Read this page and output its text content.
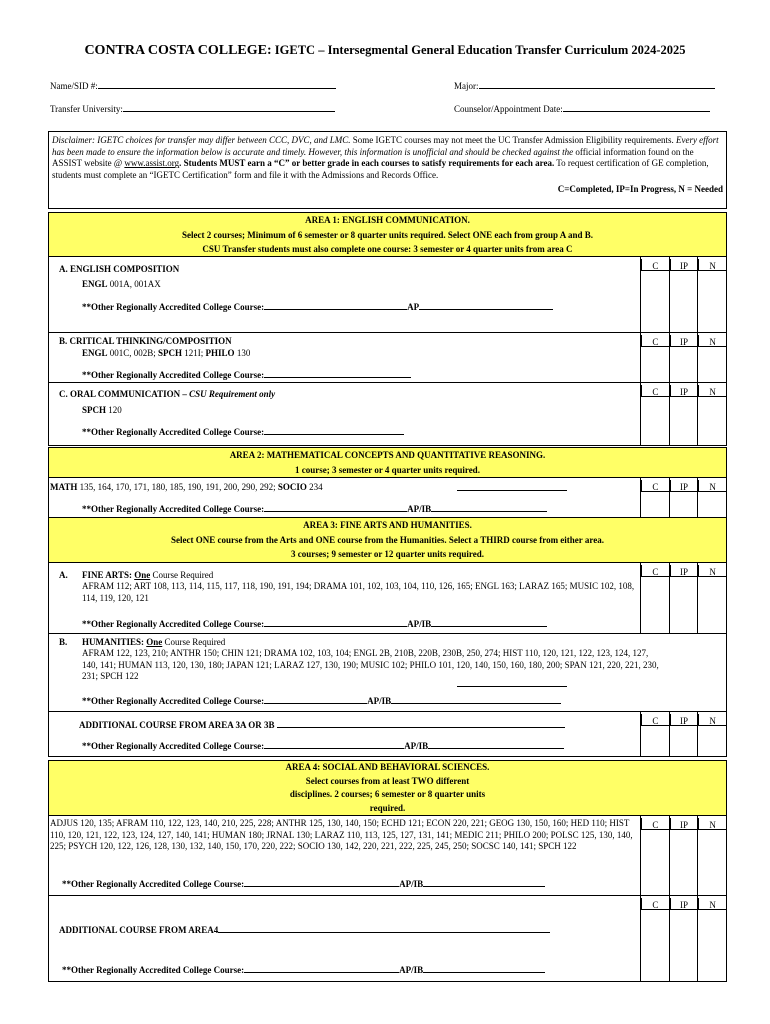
CONTRA COSTA COLLEGE: IGETC – Intersegmental General Education Transfer Curriculum 2024-2025
Name/SID #:	Major:
Transfer University:	Counselor/Appointment Date:
Disclaimer: IGETC choices for transfer may differ between CCC, DVC, and LMC. Some IGETC courses may not meet the UC Transfer Admission Eligibility requirements. Every effort has been made to ensure the information below is accurate and timely. However, this information is unofficial and should be checked against the official information found on the ASSIST website @ www.assist.org. Students MUST earn a “C” or better grade in each courses to satisfy requirements for each area. To request certification of GE completion, students must complete an “IGETC Certification” form and file it with the Admissions and Records Office.
C=Completed, IP=In Progress, N = Needed
AREA 1: ENGLISH COMMUNICATION.
Select 2 courses; Minimum of 6 semester or 8 quarter units required. Select ONE each from group A and B.
CSU Transfer students must also complete one course: 3 semester or 4 quarter units from area C
C	IP	N
A. ENGLISH COMPOSITION
ENGL 001A, 001AX
**Other Regionally Accredited College Course:	AP
C	IP	N
B. CRITICAL THINKING/COMPOSITION
ENGL 001C, 002B; SPCH 121I; PHILO 130
**Other Regionally Accredited College Course:
C	IP	N
C. ORAL COMMUNICATION – CSU Requirement only
SPCH 120
**Other Regionally Accredited College Course:
AREA 2: MATHEMATICAL CONCEPTS AND QUANTITATIVE REASONING.
1 course; 3 semester or 4 quarter units required.
C	IP	N
MATH 135, 164, 170, 171, 180, 185, 190, 191, 200, 290, 292; SOCIO 234
**Other Regionally Accredited College Course:	AP/IB
AREA 3: FINE ARTS AND HUMANITIES.
Select ONE course from the Arts and ONE course from the Humanities. Select a THIRD course from either area.
3 courses; 9 semester or 12 quarter units required.
C	IP	N
A. FINE ARTS: One Course Required
AFRAM 112; ART 108, 113, 114, 115, 117, 118, 190, 191, 194; DRAMA 101, 102, 103, 104, 110, 126, 165; ENGL 163; LARAZ 165; MUSIC 102, 108, 114, 119, 120, 121
**Other Regionally Accredited College Course:	AP/IB
B. HUMANITIES: One Course Required
AFRAM 122, 123, 210; ANTHR 150; CHIN 121; DRAMA 102, 103, 104; ENGL 2B, 210B, 220B, 230B, 250, 274; HIST 110, 120, 121, 122, 123, 124, 127, 140, 141; HUMAN 113, 120, 130, 180; JAPAN 121; LARAZ 127, 130, 190; MUSIC 102; PHILO 101, 120, 140, 150, 160, 180, 200; SPAN 121, 220, 221, 230, 231; SPCH 122
**Other Regionally Accredited College Course:	AP/IB
C	IP	N
ADDITIONAL COURSE FROM AREA 3A OR 3B
**Other Regionally Accredited College Course:	AP/IB
AREA 4: SOCIAL AND BEHAVIORAL SCIENCES.
Select courses from at least TWO different
disciplines. 2 courses; 6 semester or 8 quarter units
required.
C	IP	N
ADJUS 120, 135; AFRAM 110, 122, 123, 140, 210, 225, 228; ANTHR 125, 130, 140, 150; ECHD 121; ECON 220, 221; GEOG 130, 150, 160; HED 110; HIST 110, 120, 121, 122, 123, 124, 127, 140, 141; HUMAN 180; JRNAL 130; LARAZ 110, 113, 125, 127, 131, 141; MEDIC 211; PHILO 200; POLSC 125, 130, 140, 225; PSYCH 120, 122, 126, 128, 130, 132, 140, 150, 170, 220, 222; SOCIO 130, 142, 220, 221, 222, 225, 245, 250; SOCSC 140, 141; SPCH 122
**Other Regionally Accredited College Course:	AP/IB
C	IP	N
ADDITIONAL COURSE FROM AREA4
**Other Regionally Accredited College Course:	AP/IB
